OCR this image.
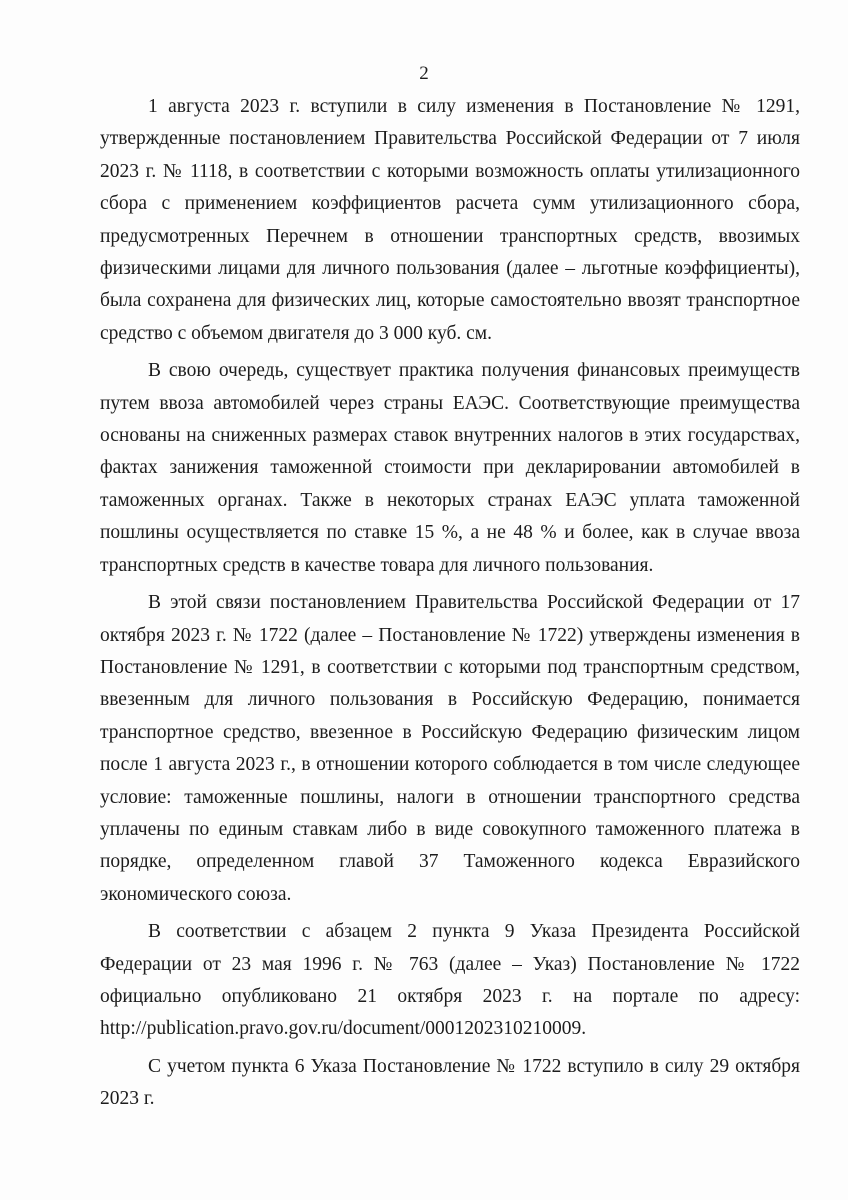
2

1 августа 2023 г. вступили в силу изменения в Постановление № 1291, утвержденные постановлением Правительства Российской Федерации от 7 июля 2023 г. № 1118, в соответствии с которыми возможность оплаты утилизационного сбора с применением коэффициентов расчета сумм утилизационного сбора, предусмотренных Перечнем в отношении транспортных средств, ввозимых физическими лицами для личного пользования (далее – льготные коэффициенты), была сохранена для физических лиц, которые самостоятельно ввозят транспортное средство с объемом двигателя до 3 000 куб. см.

В свою очередь, существует практика получения финансовых преимуществ путем ввоза автомобилей через страны ЕАЭС. Соответствующие преимущества основаны на сниженных размерах ставок внутренних налогов в этих государствах, фактах занижения таможенной стоимости при декларировании автомобилей в таможенных органах. Также в некоторых странах ЕАЭС уплата таможенной пошлины осуществляется по ставке 15 %, а не 48 % и более, как в случае ввоза транспортных средств в качестве товара для личного пользования.

В этой связи постановлением Правительства Российской Федерации от 17 октября 2023 г. № 1722 (далее – Постановление № 1722) утверждены изменения в Постановление № 1291, в соответствии с которыми под транспортным средством, ввезенным для личного пользования в Российскую Федерацию, понимается транспортное средство, ввезенное в Российскую Федерацию физическим лицом после 1 августа 2023 г., в отношении которого соблюдается в том числе следующее условие: таможенные пошлины, налоги в отношении транспортного средства уплачены по единым ставкам либо в виде совокупного таможенного платежа в порядке, определенном главой 37 Таможенного кодекса Евразийского экономического союза.

В соответствии с абзацем 2 пункта 9 Указа Президента Российской Федерации от 23 мая 1996 г. № 763 (далее – Указ) Постановление № 1722 официально опубликовано 21 октября 2023 г. на портале по адресу: http://publication.pravo.gov.ru/document/0001202310210009.

С учетом пункта 6 Указа Постановление № 1722 вступило в силу 29 октября 2023 г.
